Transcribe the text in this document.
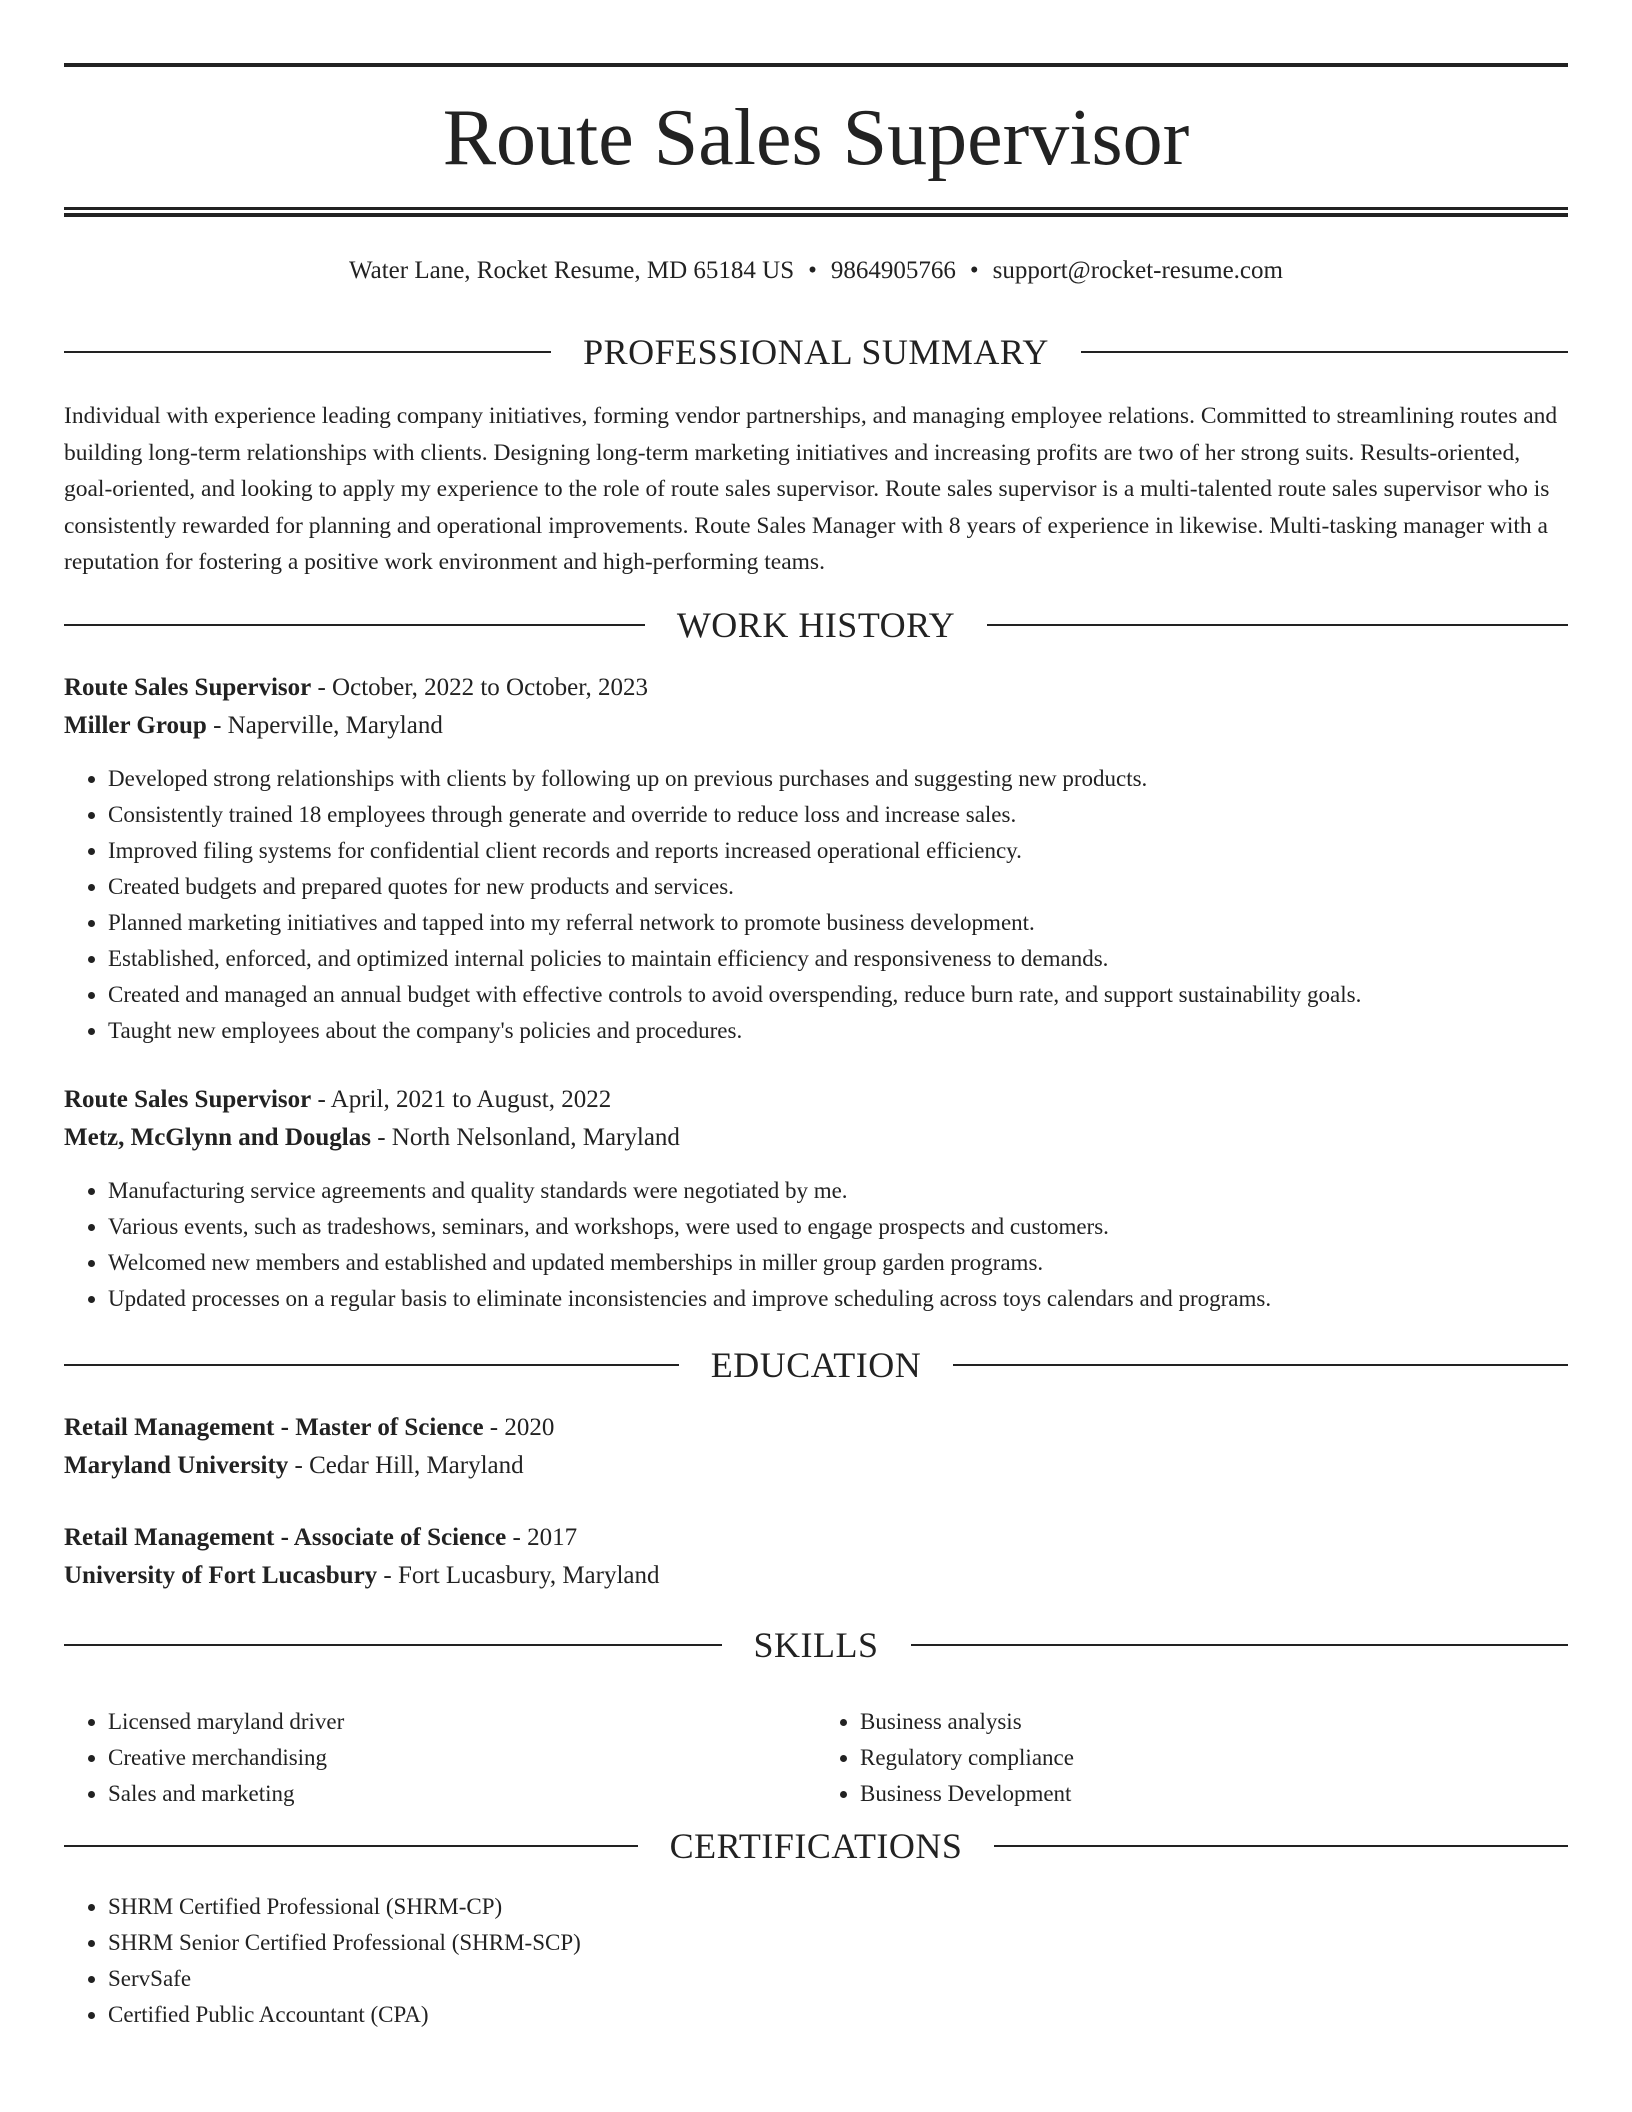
Route Sales Supervisor
Water Lane, Rocket Resume, MD 65184 US • 9864905766 • support@rocket-resume.com
PROFESSIONAL SUMMARY

Individual with experience leading company initiatives, forming vendor partnerships, and managing employee relations. Committed to streamlining routes and building long-term relationships with clients. Designing long-term marketing initiatives and increasing profits are two of her strong suits. Results-oriented, goal-oriented, and looking to apply my experience to the role of route sales supervisor. Route sales supervisor is a multi-talented route sales supervisor who is consistently rewarded for planning and operational improvements. Route Sales Manager with 8 years of experience in likewise. Multi-tasking manager with a reputation for fostering a positive work environment and high-performing teams.

WORK HISTORY
Route Sales Supervisor - October, 2022 to October, 2023
Miller Group - Naperville, Maryland
• Developed strong relationships with clients by following up on previous purchases and suggesting new products.
• Consistently trained 18 employees through generate and override to reduce loss and increase sales.
• Improved filing systems for confidential client records and reports increased operational efficiency.
• Created budgets and prepared quotes for new products and services.
• Planned marketing initiatives and tapped into my referral network to promote business development.
• Established, enforced, and optimized internal policies to maintain efficiency and responsiveness to demands.
• Created and managed an annual budget with effective controls to avoid overspending, reduce burn rate, and support sustainability goals.
• Taught new employees about the company's policies and procedures.
Route Sales Supervisor - April, 2021 to August, 2022
Metz, McGlynn and Douglas - North Nelsonland, Maryland
• Manufacturing service agreements and quality standards were negotiated by me.
• Various events, such as tradeshows, seminars, and workshops, were used to engage prospects and customers.
• Welcomed new members and established and updated memberships in miller group garden programs.
• Updated processes on a regular basis to eliminate inconsistencies and improve scheduling across toys calendars and programs.
EDUCATION
Retail Management - Master of Science - 2020
Maryland University - Cedar Hill, Maryland
Retail Management - Associate of Science - 2017
University of Fort Lucasbury - Fort Lucasbury, Maryland
SKILLS
• Licensed maryland driver
• Creative merchandising
• Sales and marketing
• Business analysis
• Regulatory compliance
• Business Development
CERTIFICATIONS
• SHRM Certified Professional (SHRM-CP)
• SHRM Senior Certified Professional (SHRM-SCP)
• ServSafe
• Certified Public Accountant (CPA)
